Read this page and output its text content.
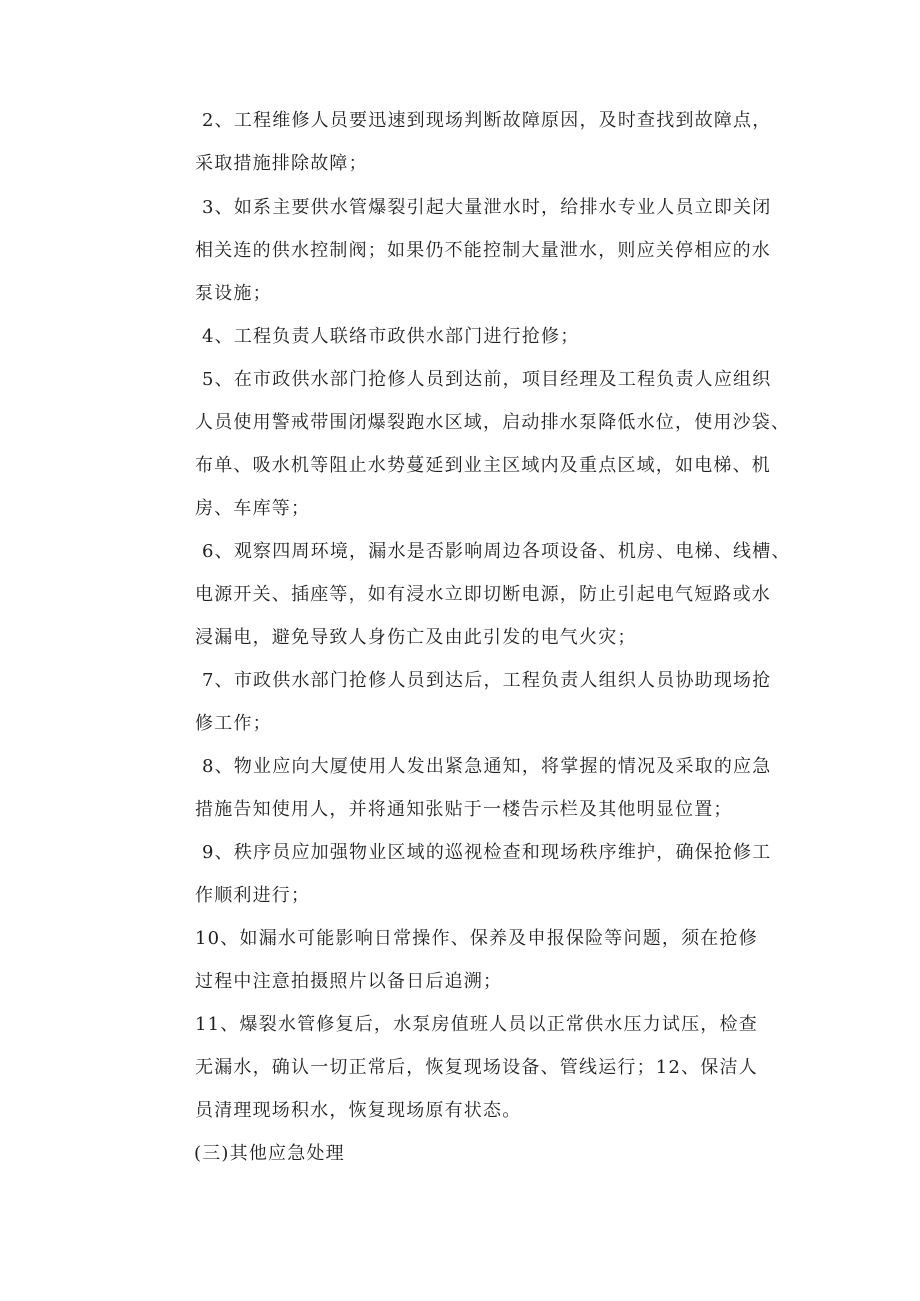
2、工程维修人员要迅速到现场判断故障原因，及时查找到故障点，
采取措施排除故障；
3、如系主要供水管爆裂引起大量泄水时，给排水专业人员立即关闭
相关连的供水控制阀；如果仍不能控制大量泄水，则应关停相应的水
泵设施；
4、工程负责人联络市政供水部门进行抢修；
5、在市政供水部门抢修人员到达前，项目经理及工程负责人应组织
人员使用警戒带围闭爆裂跑水区域，启动排水泵降低水位，使用沙袋、
布单、吸水机等阻止水势蔓延到业主区域内及重点区域，如电梯、机
房、车库等；
6、观察四周环境，漏水是否影响周边各项设备、机房、电梯、线槽、
电源开关、插座等，如有浸水立即切断电源，防止引起电气短路或水
浸漏电，避免导致人身伤亡及由此引发的电气火灾；
7、市政供水部门抢修人员到达后，工程负责人组织人员协助现场抢
修工作；
8、物业应向大厦使用人发出紧急通知，将掌握的情况及采取的应急
措施告知使用人，并将通知张贴于一楼告示栏及其他明显位置；
9、秩序员应加强物业区域的巡视检查和现场秩序维护，确保抢修工
作顺利进行；
10、如漏水可能影响日常操作、保养及申报保险等问题，须在抢修
过程中注意拍摄照片以备日后追溯；
11、爆裂水管修复后，水泵房值班人员以正常供水压力试压，检查
无漏水，确认一切正常后，恢复现场设备、管线运行；12、保洁人
员清理现场积水，恢复现场原有状态。
(三)其他应急处理
